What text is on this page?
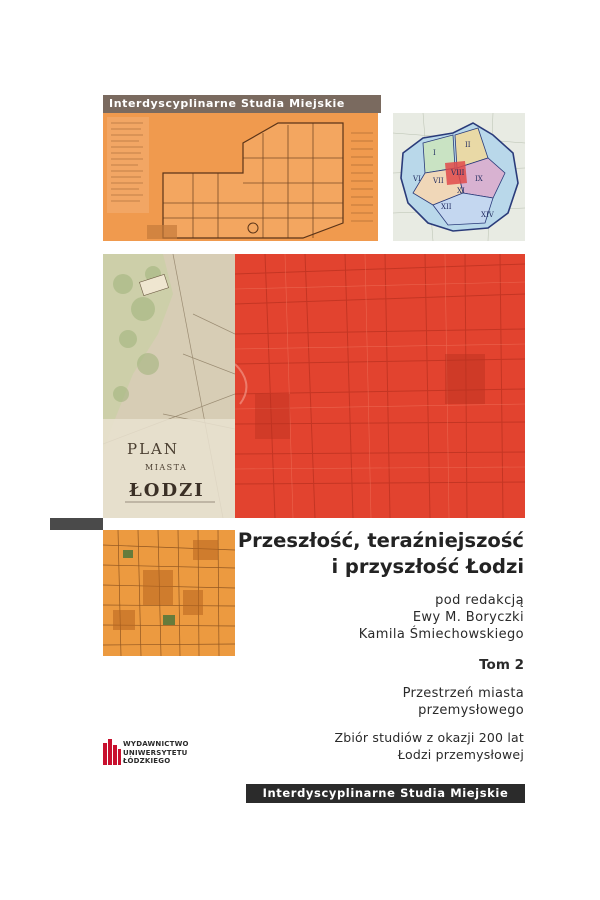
Interdyscyplinarne Studia Miejskie
I
II
VI VII
VIII
IX
XI
XII
XIV
PLAN
MIASTA
ŁODZI
Przeszłość, teraźniejszość
i przyszłość Łodzi
pod redakcją
Ewy M. Boryczki
Kamila Śmiechowskiego
Tom 2
Przestrzeń miasta
przemysłowego
Zbiór studiów z okazji 200 lat
Łodzi przemysłowej
WYDAWNICTWO
UNIWERSYTETU
ŁÓDZKIEGO
Interdyscyplinarne Studia Miejskie
